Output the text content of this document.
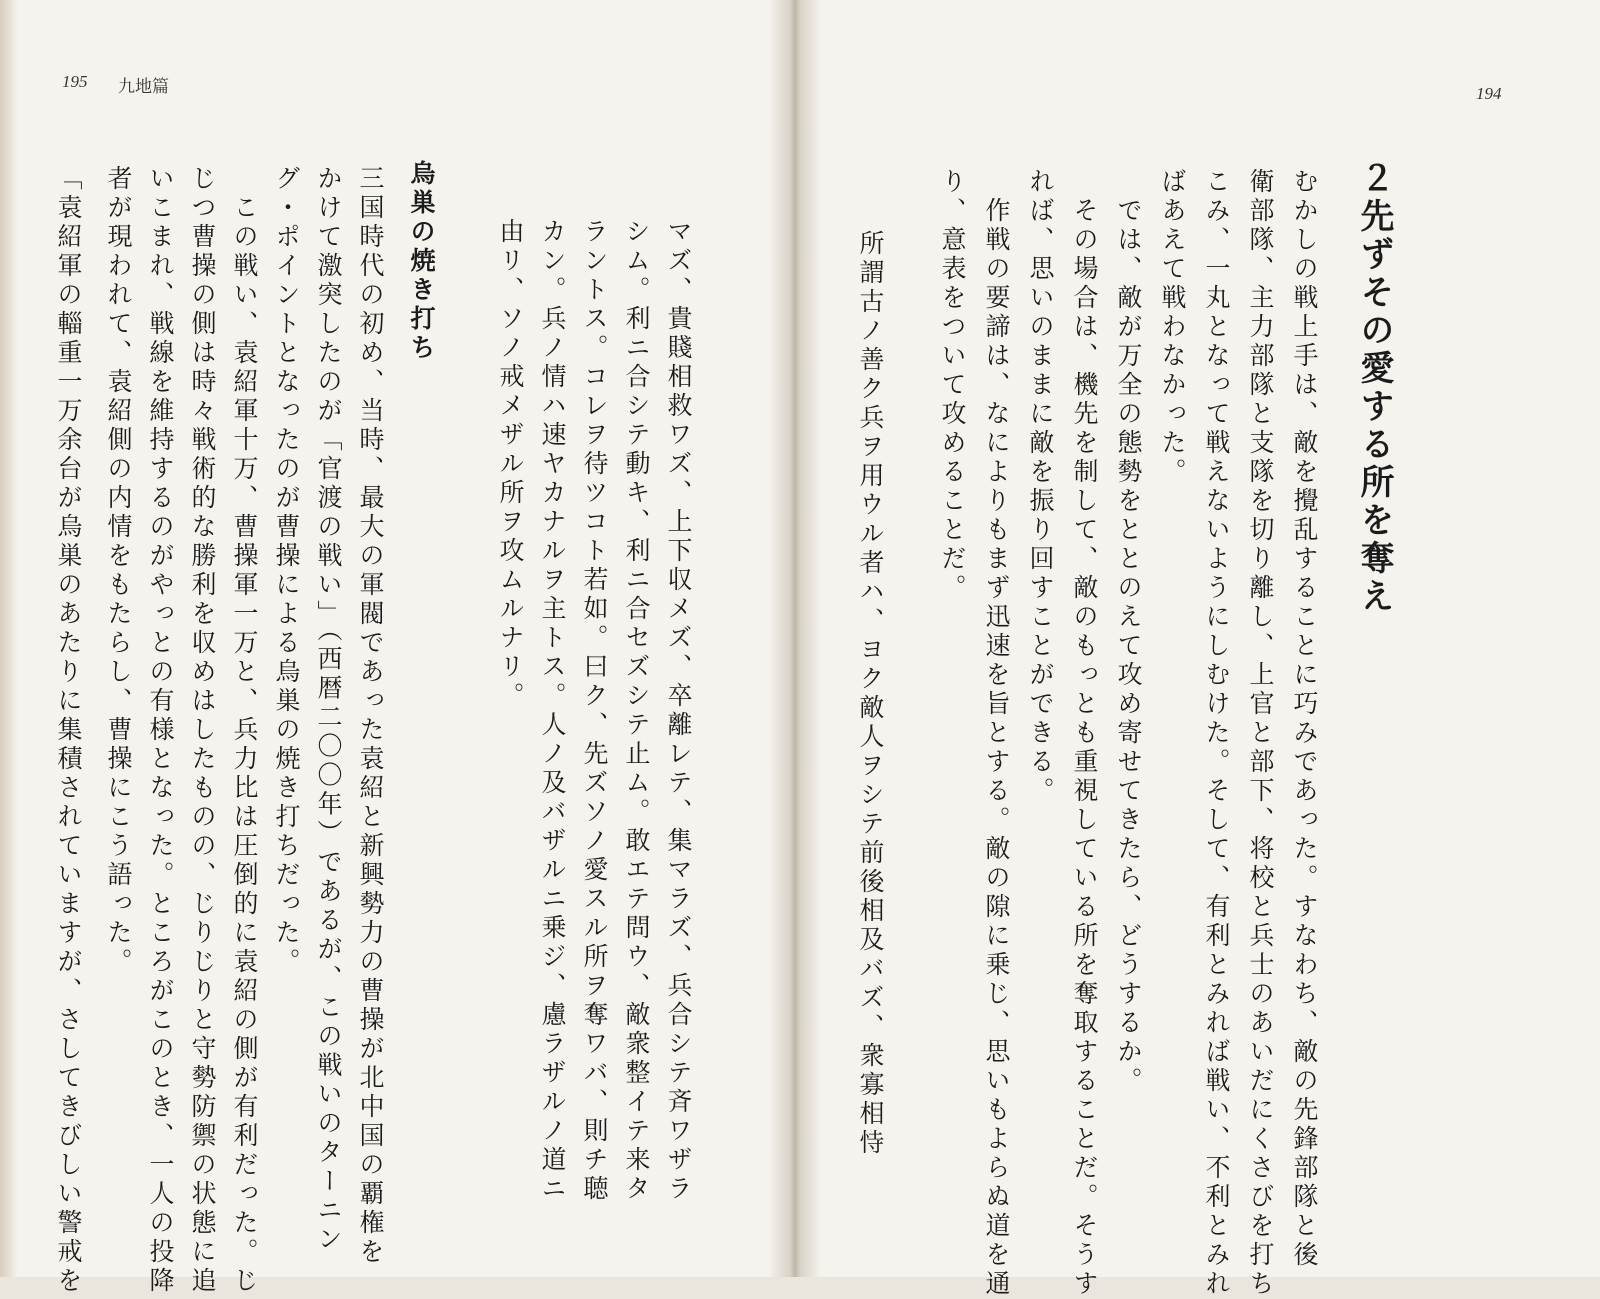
195 九地篇
マズ、貴賤相救ワズ、上下収メズ、卒離レテ、集マラズ、兵合シテ斉ワザラ
シム。利ニ合シテ動キ、利ニ合セズシテ止ム。敢エテ問ウ、敵衆整イテ来タ
ラントス。コレヲ待ツコト若如。曰ク、先ズソノ愛スル所ヲ奪ワバ、則チ聴
カン。兵ノ情ハ速ヤカナルヲ主トス。人ノ及バザルニ乗ジ、慮ラザルノ道ニ
由リ、ソノ戒メザル所ヲ攻ムルナリ。
烏巣の焼き打ち
三国時代の初め、当時、最大の軍閥であった袁紹と新興勢力の曹操が北中国の覇権を
かけて激突したのが「官渡の戦い」（西暦二〇〇年）であるが、この戦いのターニン
グ・ポイントとなったのが曹操による烏巣の焼き打ちだった。
　この戦い、袁紹軍十万、曹操軍一万と、兵力比は圧倒的に袁紹の側が有利だった。じ
じつ曹操の側は時々戦術的な勝利を収めはしたものの、じりじりと守勢防禦の状態に追
いこまれ、戦線を維持するのがやっとの有様となった。ところがこのとき、一人の投降
者が現われて、袁紹側の内情をもたらし、曹操にこう語った。
「袁紹軍の輜重一万余台が烏巣のあたりに集積されていますが、さしてきびしい警戒を
194
２先ずその愛する所を奪え
むかしの戦上手は、敵を攪乱することに巧みであった。すなわち、敵の先鋒部隊と後
衛部隊、主力部隊と支隊を切り離し、上官と部下、将校と兵士のあいだにくさびを打ち
こみ、一丸となって戦えないようにしむけた。そして、有利とみれば戦い、不利とみれ
ばあえて戦わなかった。
　では、敵が万全の態勢をととのえて攻め寄せてきたら、どうするか。
　その場合は、機先を制して、敵のもっとも重視している所を奪取することだ。そうす
れば、思いのままに敵を振り回すことができる。
　作戦の要諦は、なによりもまず迅速を旨とする。敵の隙に乗じ、思いもよらぬ道を通
り、意表をついて攻めることだ。
所謂古ノ善ク兵ヲ用ウル者ハ、ヨク敵人ヲシテ前後相及バズ、衆寡相恃
